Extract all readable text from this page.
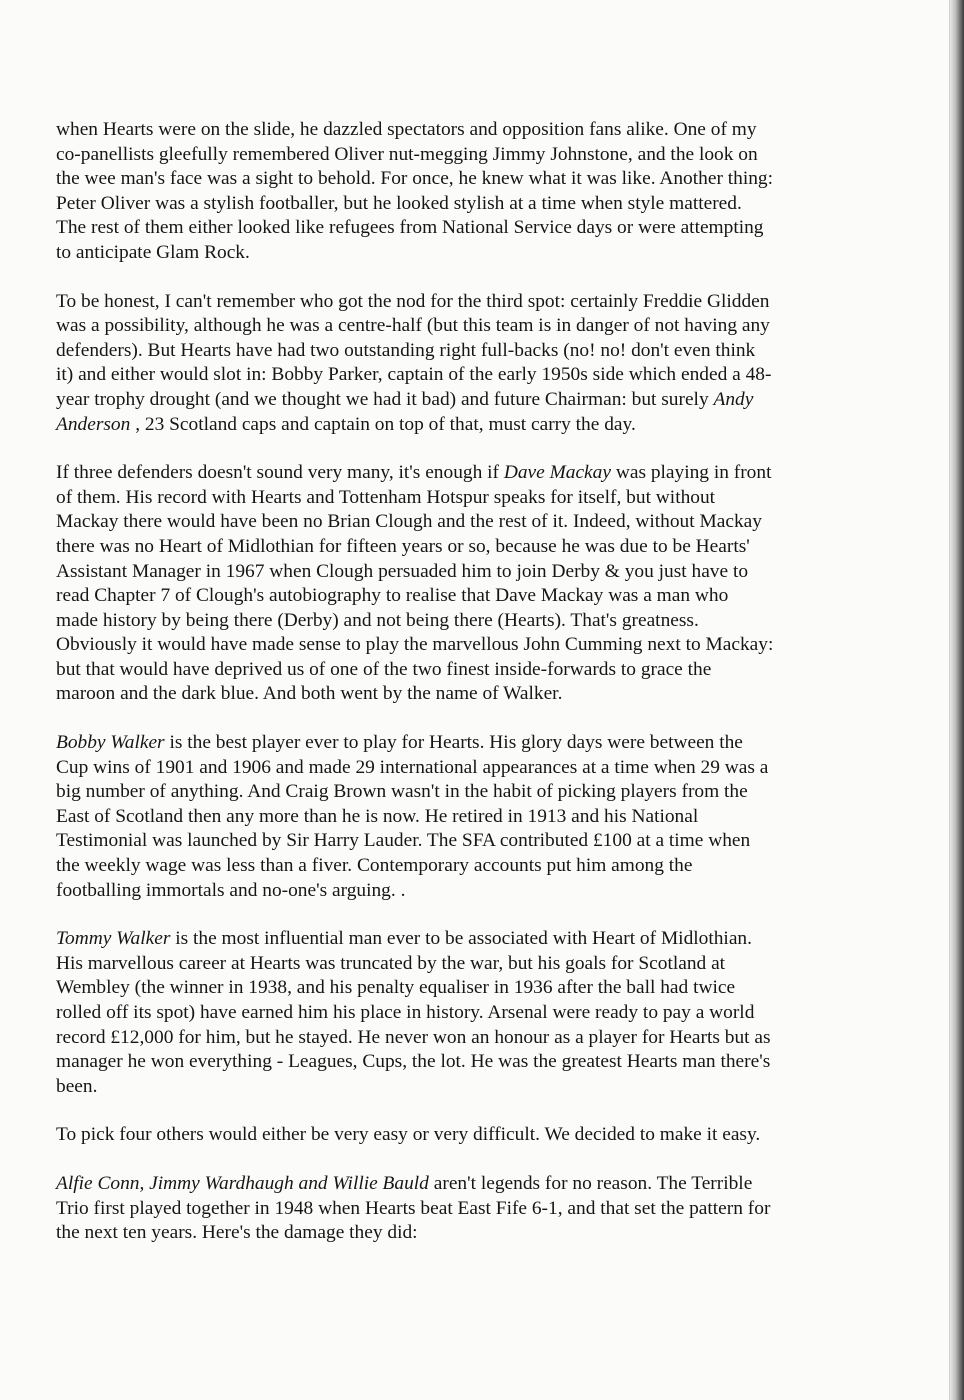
when Hearts were on the slide, he dazzled spectators and opposition fans alike. One of my
co-panellists gleefully remembered Oliver nut-megging Jimmy Johnstone, and the look on
the wee man's face was a sight to behold. For once, he knew what it was like. Another thing:
Peter Oliver was a stylish footballer, but he looked stylish at a time when style mattered.
The rest of them either looked like refugees from National Service days or were attempting
to anticipate Glam Rock.

To be honest, I can't remember who got the nod for the third spot: certainly Freddie Glidden
was a possibility, although he was a centre-half (but this team is in danger of not having any
defenders). But Hearts have had two outstanding right full-backs (no! no! don't even think
it) and either would slot in: Bobby Parker, captain of the early 1950s side which ended a 48-
year trophy drought (and we thought we had it bad) and future Chairman: but surely Andy
Anderson , 23 Scotland caps and captain on top of that, must carry the day.

If three defenders doesn't sound very many, it's enough if Dave Mackay was playing in front
of them. His record with Hearts and Tottenham Hotspur speaks for itself, but without
Mackay there would have been no Brian Clough and the rest of it. Indeed, without Mackay
there was no Heart of Midlothian for fifteen years or so, because he was due to be Hearts'
Assistant Manager in 1967 when Clough persuaded him to join Derby & you just have to
read Chapter 7 of Clough's autobiography to realise that Dave Mackay was a man who
made history by being there (Derby) and not being there (Hearts). That's greatness.
Obviously it would have made sense to play the marvellous John Cumming next to Mackay:
but that would have deprived us of one of the two finest inside-forwards to grace the
maroon and the dark blue. And both went by the name of Walker.

Bobby Walker is the best player ever to play for Hearts. His glory days were between the
Cup wins of 1901 and 1906 and made 29 international appearances at a time when 29 was a
big number of anything. And Craig Brown wasn't in the habit of picking players from the
East of Scotland then any more than he is now. He retired in 1913 and his National
Testimonial was launched by Sir Harry Lauder. The SFA contributed £100 at a time when
the weekly wage was less than a fiver. Contemporary accounts put him among the
footballing immortals and no-one's arguing. .

Tommy Walker is the most influential man ever to be associated with Heart of Midlothian.
His marvellous career at Hearts was truncated by the war, but his goals for Scotland at
Wembley (the winner in 1938, and his penalty equaliser in 1936 after the ball had twice
rolled off its spot) have earned him his place in history. Arsenal were ready to pay a world
record £12,000 for him, but he stayed. He never won an honour as a player for Hearts but as
manager he won everything - Leagues, Cups, the lot. He was the greatest Hearts man there's
been.

To pick four others would either be very easy or very difficult. We decided to make it easy.

Alfie Conn, Jimmy Wardhaugh and Willie Bauld aren't legends for no reason. The Terrible
Trio first played together in 1948 when Hearts beat East Fife 6-1, and that set the pattern for
the next ten years. Here's the damage they did:
